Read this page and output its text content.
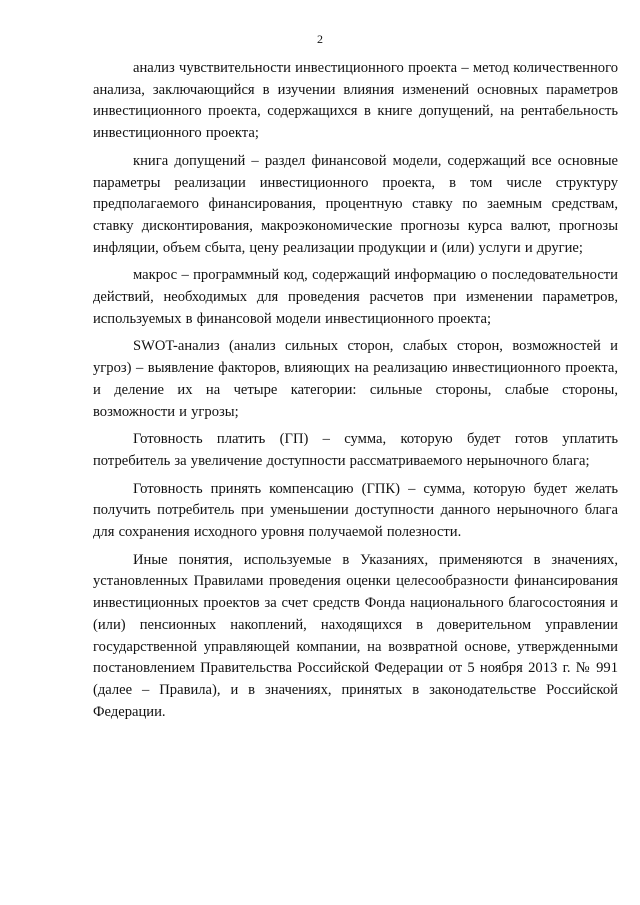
2

анализ чувствительности инвестиционного проекта – метод количественного анализа, заключающийся в изучении влияния изменений основных параметров инвестиционного проекта, содержащихся в книге допущений, на рентабельность инвестиционного проекта;

книга допущений – раздел финансовой модели, содержащий все основные параметры реализации инвестиционного проекта, в том числе структуру предполагаемого финансирования, процентную ставку по заемным средствам, ставку дисконтирования, макроэкономические прогнозы курса валют, прогнозы инфляции, объем сбыта, цену реализации продукции и (или) услуги и другие;

макрос – программный код, содержащий информацию о последовательности действий, необходимых для проведения расчетов при изменении параметров, используемых в финансовой модели инвестиционного проекта;

SWOT-анализ (анализ сильных сторон, слабых сторон, возможностей и угроз) – выявление факторов, влияющих на реализацию инвестиционного проекта, и деление их на четыре категории: сильные стороны, слабые стороны, возможности и угрозы;

Готовность платить (ГП) – сумма, которую будет готов уплатить потребитель за увеличение доступности рассматриваемого нерыночного блага;

Готовность принять компенсацию (ГПК) – сумма, которую будет желать получить потребитель при уменьшении доступности данного нерыночного блага для сохранения исходного уровня получаемой полезности.

Иные понятия, используемые в Указаниях, применяются в значениях, установленных Правилами проведения оценки целесообразности финансирования инвестиционных проектов за счет средств Фонда национального благосостояния и (или) пенсионных накоплений, находящихся в доверительном управлении государственной управляющей компании, на возвратной основе, утвержденными постановлением Правительства Российской Федерации от 5 ноября 2013 г. № 991 (далее – Правила), и в значениях, принятых в законодательстве Российской Федерации.
